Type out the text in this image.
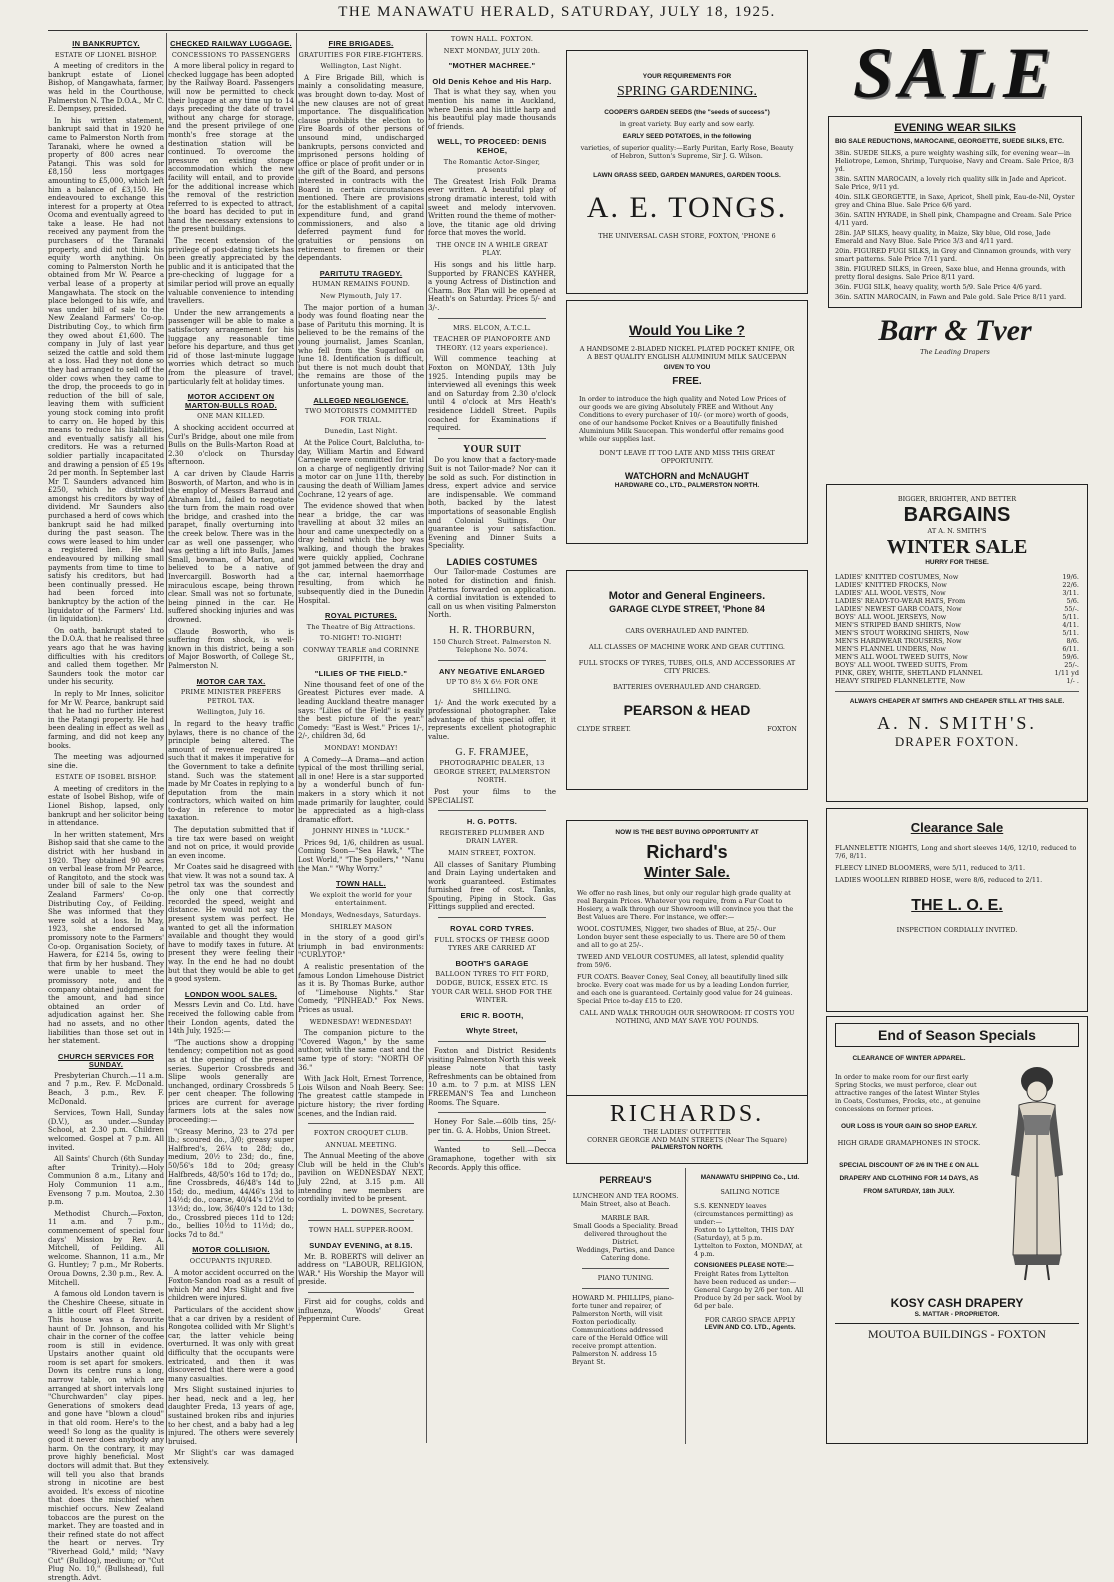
THE MANAWATU HERALD, SATURDAY, JULY 18, 1925.
IN BANKRUPTCY.
ESTATE OF LIONEL BISHOP.

A meeting of creditors in the bankrupt estate of Lionel Bishop, of Mangawhata, farmer, was held in the Courthouse, Palmerston N. The D.O.A., Mr C. E. Dempsey, presided.

In his written statement, bankrupt said that in 1920 he came to Palmerston North from Taranaki, where he owned a property of 800 acres near Patangi. This was sold for £8,150 less mortgages amounting to £5,000, which left him a balance of £3,150. He endeavoured to exchange this interest for a property at Otea Ocoma and eventually agreed to take a lease. He had not received any payment from the purchasers of the Taranaki property, and did not think his equity worth anything. On coming to Palmerston North he obtained from Mr W. Pearce a verbal lease of a property at Mangawhata. The stock on the place belonged to his wife, and was under bill of sale to the New Zealand Farmers' Co-op. Distributing Coy., to which firm they owed about £1,600. The company in July of last year seized the cattle and sold them at a loss. Had they not done so they had arranged to sell off the older cows when they came to the drop, the proceeds to go in reduction of the bill of sale, leaving them with sufficient young stock coming into profit to carry on. He hoped by this means to reduce his liabilities, and eventually satisfy all his creditors. He was a returned soldier partially incapacitated and drawing a pension of £5 19s 2d per month. In September last Mr T. Saunders advanced him £250, which he distributed amongst his creditors by way of dividend. Mr Saunders also purchased a herd of cows which bankrupt said he had milked during the past season. The cows were leased to him under a registered lien. He had endeavoured by milking small payments from time to time to satisfy his creditors, but had been continually pressed. He had been forced into bankruptcy by the action of the liquidator of the Farmers' Ltd. (in liquidation).

On oath, bankrupt stated to the D.O.A. that he realised three years ago that he was having difficulties with his creditors and called them together. Mr Saunders took the motor car under his security.

In reply to Mr Innes, solicitor for Mr W. Pearce, bankrupt said that he had no further interest in the Patangi property. He had been dealing in effect as well as farming, and did not keep any books.

The meeting was adjourned sine die.

ESTATE OF ISOBEL BISHOP.

A meeting of creditors in the estate of Isobel Bishop, wife of Lionel Bishop, lapsed, only bankrupt and her solicitor being in attendance.

In her written statement, Mrs Bishop said that she came to the district with her husband in 1920. They obtained 90 acres on verbal lease from Mr Pearce, of Rangitoto, and the stock was under bill of sale to the New Zealand Farmers' Co-op. Distributing Coy., of Feilding. She was informed that they were sold at a loss. In May, 1923, she endorsed a promissory note to the Farmers' Co-op. Organisation Society, of Hawera, for £214 5s, owing to that firm by her husband. They were unable to meet the promissory note, and the company obtained judgment for the amount, and had since obtained an order of adjudication against her. She had no assets, and no other liabilities than those set out in her statement.

CHURCH SERVICES FOR SUNDAY.

Presbyterian Church.—11 a.m. and 7 p.m., Rev. F. McDonald. Beach, 3 p.m., Rev. F. McDonald.

Services, Town Hall, Sunday (D.V.), as under.—Sunday School, at 2.30 p.m. Children welcomed. Gospel at 7 p.m. All invited.

All Saints' Church (6th Sunday after Trinity).—Holy Communion 8 a.m., Litany and Holy Communion 11 a.m., Evensong 7 p.m. Moutoa, 2.30 p.m.

Methodist Church.—Foxton, 11 a.m. and 7 p.m., commencement of special four days' Mission by Rev. A. Mitchell, of Feilding. All welcome. Shannon, 11 a.m., Mr G. Huntley; 7 p.m., Mr Roberts. Oroua Downs, 2.30 p.m., Rev. A. Mitchell.

A famous old London tavern is the Cheshire Cheese, situate in a little court off Fleet Street. This house was a favourite haunt of Dr. Johnson, and his chair in the corner of the coffee room is still in evidence. Upstairs another quaint old room is set apart for smokers. Down its centre runs a long, narrow table, on which are arranged at short intervals long "Churchwarden" clay pipes. Generations of smokers dead and gone have "blown a cloud" in that old room. Here's to the weed! So long as the quality is good it never does anybody any harm. On the contrary, it may prove highly beneficial. Most doctors will admit that. But they will tell you also that brands strong in nicotine are best avoided. It's excess of nicotine that does the mischief when mischief occurs. New Zealand tobaccos are the purest on the market. They are toasted and in their refined state do not affect the heart or nerves. Try "Riverhead Gold," mild; "Navy Cut" (Bulldog), medium; or "Cut Plug No. 10," (Bullshead), full strength. Advt.

CHECKED RAILWAY LUGGAGE.
CONCESSIONS TO PASSENGERS

A more liberal policy in regard to checked luggage has been adopted by the Railway Board. Passengers will now be permitted to check their luggage at any time up to 14 days preceding the date of travel without any charge for storage, and the present privilege of one month's free storage at the destination station will be continued. To overcome the pressure on existing storage accommodation which the new facility will entail, and to provide for the additional increase which the removal of the restriction referred to is expected to attract, the board has decided to put in hand the necessary extensions to the present buildings.

The recent extension of the privilege of post-dating tickets has been greatly appreciated by the public and it is anticipated that the pre-checking of luggage for a similar period will prove an equally valuable convenience to intending travellers.

Under the new arrangements a passenger will be able to make a satisfactory arrangement for his luggage any reasonable time before his departure, and thus get rid of those last-minute luggage worries which detract so much from the pleasure of travel, particularly felt at holiday times.

MOTOR ACCIDENT ON MARTON-BULLS ROAD.
ONE MAN KILLED.

A shocking accident occurred at Curl's Bridge, about one mile from Bulls on the Bulls-Marton Road at 2.30 o'clock on Thursday afternoon.

A car driven by Claude Harris Bosworth, of Marton, and who is in the employ of Messrs Barraud and Abraham Ltd., failed to negotiate the turn from the main road over the bridge, and crashed into the parapet, finally overturning into the creek below. There was in the car as well one passenger, who was getting a lift into Bulls, James Small, bowman, of Marton, and believed to be a native of Invercargill. Bosworth had a miraculous escape, being thrown clear. Small was not so fortunate, being pinned in the car. He suffered shocking injuries and was drowned.

Claude Bosworth, who is suffering from shock, is well-known in this district, being a son of Major Bosworth, of College St., Palmerston N.

MOTOR CAR TAX.
PRIME MINISTER PREFERS PETROL TAX.
Wellington, July 16.

In regard to the heavy traffic bylaws, there is no chance of the principle being altered. The amount of revenue required is such that it makes it imperative for the Government to take a definite stand. Such was the statement made by Mr Coates in replying to a deputation from the main contractors, which waited on him to-day in reference to motor taxation.

The deputation submitted that if a tire tax were based on weight and not on price, it would provide an even income.

Mr Coates said he disagreed with that view. It was not a sound tax. A petrol tax was the soundest and the only one that correctly recorded the speed, weight and distance. He would not say the present system was perfect. He wanted to get all the information available and thought they would have to modify taxes in future. At present they were feeling their way. In the end he had no doubt but that they would be able to get a good system.

LONDON WOOL SALES.

Messrs Levin and Co. Ltd. have received the following cable from their London agents, dated the 14th July, 1925:—

"The auctions show a dropping tendency; competition not as good as at the opening of the present series. Superior Crossbreds and Slipe wools generally are unchanged, ordinary Crossbreds 5 per cent cheaper. The following prices are current for average farmers lots at the sales now proceeding:—

"Greasy Merino, 23 to 27d per lb.; scoured do., 3/0; greasy super Halfbred's, 26¼ to 28d; do., medium, 20½ to 23d; do., fine, 50/56's 18d to 20d; greasy Halfbreds, 48/50's 16d to 17d; do., fine Crossbreds, 46/48's 14d to 15d; do., medium, 44/46's 13d to 14½d; do., coarse, 40/44's 12½d to 13½d; do., low, 36/40's 12d to 13d; do., Crossbred pieces 11d to 12d; do., bellies 10½d to 11½d; do., locks 7d to 8d."

MOTOR COLLISION.
OCCUPANTS INJURED.

A motor accident occurred on the Foxton-Sandon road as a result of which Mr and Mrs Slight and five children were injured.

Particulars of the accident show that a car driven by a resident of Rongotea collided with Mr Slight's car, the latter vehicle being overturned. It was only with great difficulty that the occupants were extricated, and then it was discovered that there were a good many casualties.

Mrs Slight sustained injuries to her head, neck and a leg, her daughter Freda, 13 years of age, sustained broken ribs and injuries to her chest, and a baby had a leg injured. The others were severely bruised.

Mr Slight's car was damaged extensively.

FIRE BRIGADES.
GRATUITIES FOR FIRE-FIGHTERS.
Wellington, Last Night.

A Fire Brigade Bill, which is mainly a consolidating measure, was brought down to-day. Most of the new clauses are not of great importance. The disqualification clause prohibits the election to Fire Boards of other persons of unsound mind, undischarged bankrupts, persons convicted and imprisoned persons holding of office or place of profit under or in the gift of the Board, and persons interested in contracts with the Board in certain circumstances mentioned. There are provisions for the establishment of a capital expenditure fund, and grand commissioners, and also a deferred payment fund for gratuities or pensions on retirement to firemen or their dependants.

PARITUTU TRAGEDY.
HUMAN REMAINS FOUND.
New Plymouth, July 17.

The major portion of a human body was found floating near the base of Paritutu this morning. It is believed to be the remains of the young journalist, James Scanlan, who fell from the Sugarloaf on June 18. Identification is difficult, but there is not much doubt that the remains are those of the unfortunate young man.

ALLEGED NEGLIGENCE.
TWO MOTORISTS COMMITTED FOR TRIAL.
Dunedin, Last Night.

At the Police Court, Balclutha, to-day, William Martin and Edward Carnegie were committed for trial on a charge of negligently driving a motor car on June 11th, thereby causing the death of William James Cochrane, 12 years of age.

The evidence showed that when near a bridge, the car was travelling at about 32 miles an hour and came unexpectedly on a dray behind which the boy was walking, and though the brakes were quickly applied, Cochrane got jammed between the dray and the car, internal haemorrhage resulting, from which he subsequently died in the Dunedin Hospital.

ROYAL PICTURES.
The Theatre of Big Attractions.
TO-NIGHT! TO-NIGHT!
CONWAY TEARLE and CORINNE GRIFFITH, in
"LILIES OF THE FIELD."

Nine thousand feet of one of the Greatest Pictures ever made. A leading Auckland theatre manager says: "Lilies of the Field" is easily the best picture of the year." Comedy: "East is West." Prices 1/-, 2/-, children 3d, 6d

MONDAY! MONDAY!

A Comedy—A Drama—and action typical of the most thrilling serial, all in one! Here is a star supported by a wonderful bunch of fun-makers in a story which it not made primarily for laughter, could be appreciated as a high-class dramatic effort.

JOHNNY HINES in "LUCK."

Prices 9d, 1/6, children as usual. Coming Soon—"Sea Hawk," "The Lost World," "The Spoilers," "Nanu the Man." "Why Worry."

TOWN HALL.
We exploit the world for your entertainment.
Mondays, Wednesdays, Saturdays.
SHIRLEY MASON

in the story of a good girl's triumph in bad environments: "CURLYTOP."

A realistic presentation of the famous London Limehouse District as it is. By Thomas Burke, author of "Limehouse Nights." Star Comedy, "PINHEAD." Fox News. Prices as usual.

WEDNESDAY! WEDNESDAY!

The companion picture to the "Covered Wagon," by the same author, with the same cast and the same type of story: "NORTH OF 36."

With Jack Holt, Ernest Torrence, Lois Wilson and Noah Beery. See: The greatest cattle stampede in picture history; the river fording scenes, and the Indian raid.

FOXTON CROQUET CLUB.
ANNUAL MEETING.

The Annual Meeting of the above Club will be held in the Club's pavilion on WEDNESDAY NEXT, July 22nd, at 3.15 p.m. All intending new members are cordially invited to be present.

L. DOWNES, Secretary.
TOWN HALL SUPPER-ROOM.
SUNDAY EVENING, at 8.15.

Mr. B. ROBERTS will deliver an address on "LABOUR, RELIGION, WAR." His Worship the Mayor will preside.

First aid for coughs, colds and influenza, Woods' Great Peppermint Cure.

TOWN HALL. FOXTON.
NEXT MONDAY, JULY 20th.
"MOTHER MACHREE."
Old Denis Kehoe and His Harp.

That is what they say, when you mention his name in Auckland, where Denis and his little harp and his beautiful play made thousands of friends.

WELL, TO PROCEED: DENIS KEHOE,
The Romantic Actor-Singer, presents

The Greatest Irish Folk Drama ever written. A beautiful play of strong dramatic interest, told with sweet and melody intervoven. Written round the theme of mother-love, the titanic age old driving force that moves the world.

THE ONCE IN A WHILE GREAT PLAY.

His songs and his little harp. Supported by FRANCES KAYHER, a young Actress of Distinction and Charm. Box Plan will be opened at Heath's on Saturday. Prices 5/- and 3/-.

MRS. ELCON, A.T.C.L.
TEACHER OF PIANOFORTE AND THEORY. (12 years experience).

Will commence teaching at Foxton on MONDAY, 13th July 1925. Intending pupils may be interviewed all evenings this week and on Saturday from 2.30 o'clock until 4 o'clock at Mrs Heath's residence Liddell Street. Pupils coached for Examinations if required.

YOUR SUIT

Do you know that a factory-made Suit is not Tailor-made? Nor can it be sold as such. For distinction in dress, expert advice and service are indispensable. We command both, backed by the latest importations of seasonable English and Colonial Suitings. Our guarantee is your satisfaction. Evening and Dinner Suits a Speciality.

LADIES COSTUMES

Our Tailor-made Costumes are noted for distinction and finish. Patterns forwarded on application. A cordial invitation is extended to call on us when visiting Palmerston North.

H. R. THORBURN,
150 Church Street. Palmerston N. Telephone No. 5074.
ANY NEGATIVE ENLARGED
UP TO 8½ X 6½ FOR ONE SHILLING.

1/- And the work executed by a professional photographer. Take advantage of this special offer, it represents excellent photographic value.

G. F. FRAMJEE,
PHOTOGRAPHIC DEALER, 13 GEORGE STREET, PALMERSTON NORTH.

Post your films to the SPECIALIST.

H. G. POTTS.
REGISTERED PLUMBER AND DRAIN LAYER.
MAIN STREET, FOXTON.

All classes of Sanitary Plumbing and Drain Laying undertaken and work guaranteed. Estimates furnished free of cost. Tanks, Spouting, Piping in Stock. Gas Fittings supplied and erected.

ROYAL CORD TYRES.
FULL STOCKS OF THESE GOOD TYRES ARE CARRIED AT
BOOTH'S GARAGE
BALLOON TYRES TO FIT FORD, DODGE, BUICK, ESSEX ETC. IS YOUR CAR WELL SHOD FOR THE WINTER.
ERIC R. BOOTH,
Whyte Street,

Foxton and District Residents visiting Palmerston North this week please note that tasty Refreshments can be obtained from 10 a.m. to 7 p.m. at MISS LEN FREEMAN'S Tea and Luncheon Rooms. The Square.

Honey For Sale.—60lb tins, 25/- per tin. G. A. Hobbs, Union Street.

Wanted to Sell.—Decca Gramaphone, together with six Records. Apply this office.

YOUR REQUIREMENTS FOR
SPRING GARDENING.
COOPER'S GARDEN SEEDS (the "seeds of success")
in great variety. Buy early and sow early.
EARLY SEED POTATOES, in the following
varieties, of superior quality:—Early Puritan, Early Rose, Beauty of Hebron, Sutton's Supreme, Sir J. G. Wilson.
LAWN GRASS SEED, GARDEN MANURES, GARDEN TOOLS.
A. E. TONGS.
THE UNIVERSAL CASH STORE, FOXTON, 'PHONE 6
Would You Like ?
A HANDSOME 2-BLADED NICKEL PLATED POCKET KNIFE, OR A BEST QUALITY ENGLISH ALUMINIUM MILK SAUCEPAN
GIVEN TO YOU
FREE.
In order to introduce the high quality and Noted Low Prices of our goods we are giving Absolutely FREE and Without Any Conditions to every purchaser of 10/- (or more) worth of goods, one of our handsome Pocket Knives or a Beautifully finished Aluminium Milk Saucepan. This wonderful offer remains good while our supplies last.
DON'T LEAVE IT TOO LATE AND MISS THIS GREAT OPPORTUNITY.
WATCHORN and McNAUGHT
HARDWARE CO., LTD., PALMERSTON NORTH.
Motor and General Engineers.
GARAGE CLYDE STREET, 'Phone 84
CARS OVERHAULED AND PAINTED.
ALL CLASSES OF MACHINE WORK AND GEAR CUTTING.
FULL STOCKS OF TYRES, TUBES, OILS, AND ACCESSORIES AT CITY PRICES.
BATTERIES OVERHAULED AND CHARGED.
PEARSON & HEAD
CLYDE STREET.	FOXTON
NOW IS THE BEST BUYING OPPORTUNITY AT
Richard's
Winter Sale.
We offer no rash lines, but only our regular high grade quality at real Bargain Prices. Whatever you require, from a Fur Coat to Hosiery, a walk through our Showroom will convince you that the Best Values are There. For instance, we offer:—
WOOL COSTUMES, Nigger, two shades of Blue, at 25/-. Our London buyer sent these especially to us. There are 50 of them and all to go at 25/-.
TWEED AND VELOUR COSTUMES, all latest, splendid quality from 59/6.
FUR COATS. Beaver Coney, Seal Coney, all beautifully lined silk brocke. Every coat was made for us by a leading London furrier, and each one is guaranteed. Certainly good value for 24 guineas. Special Price to-day £15 to £20.
CALL AND WALK THROUGH OUR SHOWROOM: IT COSTS YOU NOTHING, AND MAY SAVE YOU POUNDS.
RICHARDS.
THE LADIES' OUTFITTER
CORNER GEORGE AND MAIN STREETS (Near The Square)
PALMERSTON NORTH.
PERREAU'S
LUNCHEON AND TEA ROOMS.
Main Street, also at Beach.
MARBLE BAR.
Small Goods a Speciality. Bread delivered throughout the District.
Weddings, Parties, and Dance Catering done.
PIANO TUNING.
HOWARD M. PHILLIPS, piano-forte tuner and repairer, of Palmerston North, will visit Foxton periodically. Communications addressed care of the Herald Office will receive prompt attention. Palmerston N. address 15 Bryant St.
MANAWATU SHIPPING Co., Ltd.
SAILING NOTICE
S.S. KENNEDY leaves (circumstances permitting) as under:—
Foxton to Lyttelton, THIS DAY (Saturday), at 5 p.m.
Lyttelton to Foxton, MONDAY, at 4 p.m.
CONSIGNEES PLEASE NOTE:—
Freight Rates from Lyttelton have been reduced as under:—
General Cargo by 2/6 per ton. All Produce by 2d per sack. Wool by 6d per bale.
FOR CARGO SPACE APPLY
LEVIN AND CO. LTD., Agents.
SALE
EVENING WEAR SILKS
BIG SALE REDUCTIONS, MAROCAINE, GEORGETTE, SUEDE SILKS, ETC.
38in. SUEDE SILKS, a pure weighty washing silk, for evening wear—in Heliotrope, Lemon, Shrimp, Turquoise, Navy and Cream. Sale Price, 8/3 yd.
38in. SATIN MAROCAIN, a lovely rich quality silk in Jade and Apricot. Sale Price, 9/11 yd.
40in. SILK GEORGETTE, in Saxe, Apricot, Shell pink, Eau-de-Nil, Oyster grey and China Blue. Sale Price 6/6 yard.
36in. SATIN HYRADE, in Shell pink, Champagne and Cream. Sale Price 4/11 yard.
28in. JAP SILKS, heavy quality, in Maize, Sky blue, Old rose, Jade Emerald and Navy Blue. Sale Price 3/3 and 4/11 yard.
20in. FIGURED FUGI SILKS, in Grey and Cinnamon grounds, with very smart patterns. Sale Price 7/11 yard.
38in. FIGURED SILKS, in Green, Saxe blue, and Henna grounds, with pretty floral designs. Sale Price 8/11 yard.
36in. FUGI SILK, heavy quality, worth 5/9. Sale Price 4/6 yard.
36in. SATIN MAROCAIN, in Fawn and Pale gold. Sale Price 8/11 yard.
Barr & Tver
The Leading Drapers
BIGGER, BRIGHTER, AND BETTER
BARGAINS
AT A. N. SMITH'S
WINTER SALE
HURRY FOR THESE.
LADIES' KNITTED COSTUMES, Now	19/6.
LADIES' KNITTED FROCKS, Now	22/6.
LADIES' ALL WOOL VESTS, Now	3/11.
LADIES' READY-TO-WEAR HATS, From	5/6.
LADIES' NEWEST GARB COATS, Now	55/-.
BOYS' ALL WOOL JERSEYS, Now	5/11.
MEN'S STRIPED BAND SHIRTS, Now	4/11.
MEN'S STOUT WORKING SHIRTS, Now	5/11.
MEN'S HARDWEAR TROUSERS, Now	8/6.
MEN'S FLANNEL UNDERS, Now	6/11.
MEN'S ALL WOOL TWEED SUITS, Now	59/6.
BOYS' ALL WOOL TWEED SUITS, From	25/-.
PINK, GREY, WHITE, SHETLAND FLANNEL	1/11 yd
HEAVY STRIPED FLANNELETTE, Now	1/- .
ALWAYS CHEAPER AT SMITH'S AND CHEAPER STILL AT THIS SALE.
A. N. SMITH'S.
DRAPER FOXTON.
Clearance Sale
FLANNELETTE NIGHTS, Long and short sleeves 14/6, 12/10, reduced to 7/6, 8/11.
FLEECY LINED BLOOMERS, were 5/11, reduced to 3/11.
LADIES WOOLLEN RIBBED HOSE, were 8/6, reduced to 2/11.
THE L. O. E.
INSPECTION CORDIALLY INVITED.
End of Season Specials
CLEARANCE OF WINTER APPAREL.
In order to make room for our first early Spring Stocks, we must perforce, clear out attractive ranges of the latest Winter Styles in Coats, Costumes, Frocks, etc., at genuine concessions on former prices.
OUR LOSS IS YOUR GAIN SO SHOP EARLY.
HIGH GRADE GRAMAPHONES IN STOCK.
SPECIAL DISCOUNT OF 2/6 IN THE £ ON ALL DRAPERY AND CLOTHING FOR 14 DAYS, AS FROM SATURDAY, 18th JULY.
KOSY CASH DRAPERY
S. MATTAR - PROPRIETOR.
MOUTOA BUILDINGS - FOXTON
